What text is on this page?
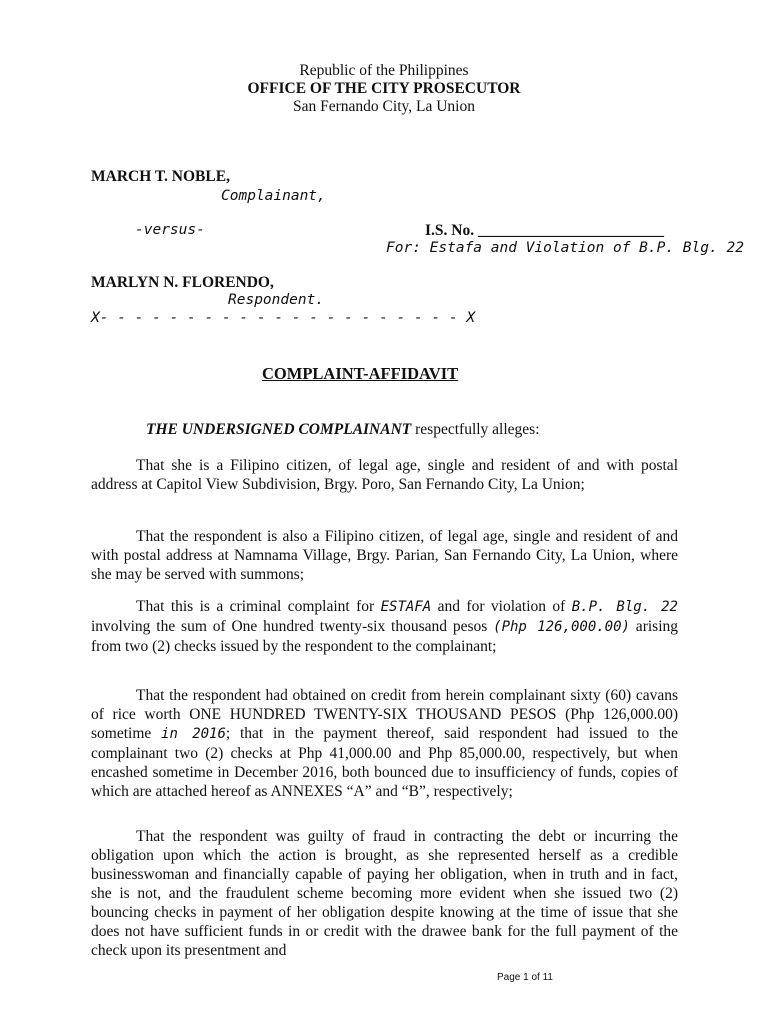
Republic of the Philippines
OFFICE OF THE CITY PROSECUTOR
San Fernando City, La Union
MARCH T. NOBLE,
Complainant,
-versus-	I.S. No. ________________________
For: Estafa and Violation of B.P. Blg. 22
MARLYN N. FLORENDO,
Respondent.
X- - - - - - - - - - - - - - - - - - - - - X
COMPLAINT-AFFIDAVIT
THE UNDERSIGNED COMPLAINANT respectfully alleges:
That she is a Filipino citizen, of legal age, single and resident of and with postal address at Capitol View Subdivision, Brgy. Poro, San Fernando City, La Union;
That the respondent is also a Filipino citizen, of legal age, single and resident of and with postal address at Namnama Village, Brgy. Parian, San Fernando City, La Union, where she may be served with summons;
That this is a criminal complaint for ESTAFA and for violation of B.P. Blg. 22 involving the sum of One hundred twenty-six thousand pesos (Php 126,000.00) arising from two (2) checks issued by the respondent to the complainant;
That the respondent had obtained on credit from herein complainant sixty (60) cavans of rice worth ONE HUNDRED TWENTY-SIX THOUSAND PESOS (Php 126,000.00) sometime in 2016; that in the payment thereof, said respondent had issued to the complainant two (2) checks at Php 41,000.00 and Php 85,000.00, respectively, but when encashed sometime in December 2016, both bounced due to insufficiency of funds, copies of which are attached hereof as ANNEXES “A” and “B”, respectively;
That the respondent was guilty of fraud in contracting the debt or incurring the obligation upon which the action is brought, as she represented herself as a credible businesswoman and financially capable of paying her obligation, when in truth and in fact, she is not, and the fraudulent scheme becoming more evident when she issued two (2) bouncing checks in payment of her obligation despite knowing at the time of issue that she does not have sufficient funds in or credit with the drawee bank for the full payment of the check upon its presentment and
Page 1 of 11
